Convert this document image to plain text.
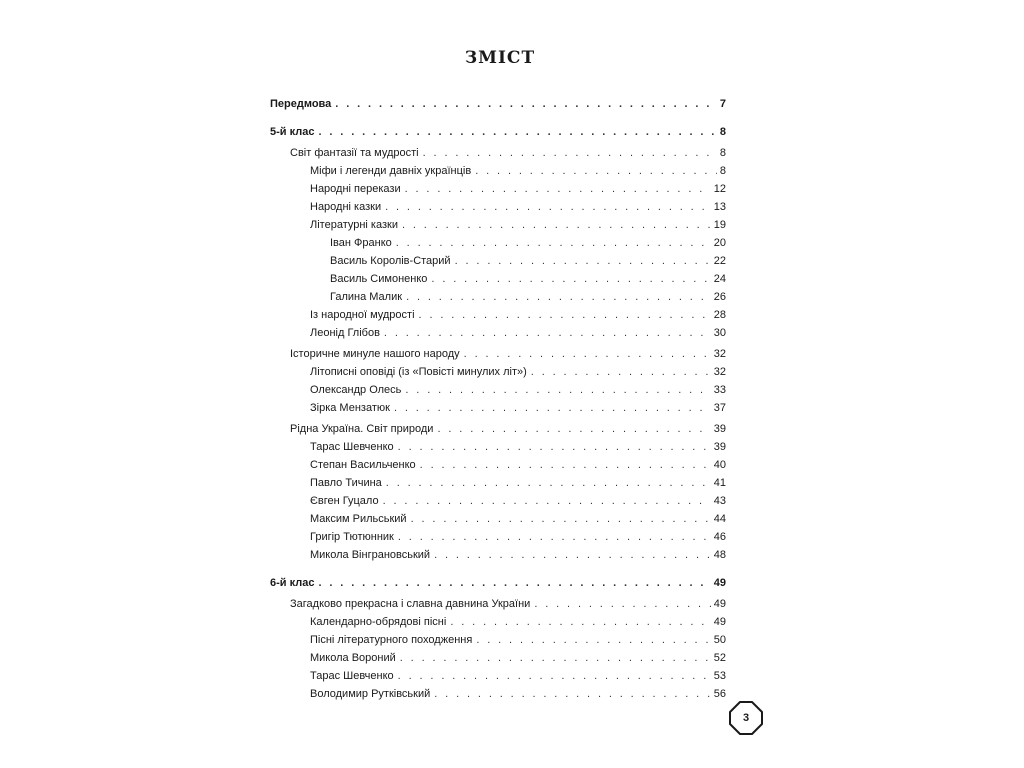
ЗМІСТ
Передмова . . .	7
5-й клас . . .	8
Світ фантазії та мудрості . . .	8
Міфи і легенди давніх українців . . .	8
Народні перекази . . .	12
Народні казки . . .	13
Літературні казки . . .	19
Іван Франко . . .	20
Василь Королів-Старий . . .	22
Василь Симоненко . . .	24
Галина Малик . . .	26
Із народної мудрості . . .	28
Леонід Глібов . . .	30
Історичне минуле нашого народу . . .	32
Літописні оповіді (із «Повісті минулих літ») . . .	32
Олександр Олесь . . .	33
Зірка Мензатюк . . .	37
Рідна Україна. Світ природи . . .	39
Тарас Шевченко . . .	39
Степан Васильченко . . .	40
Павло Тичина . . .	41
Євген Гуцало . . .	43
Максим Рильський . . .	44
Григір Тютюнник . . .	46
Микола Вінграновський . . .	48
6-й клас . . .	49
Загадково прекрасна і славна давнина України . . .	49
Календарно-обрядові пісні . . .	49
Пісні літературного походження . . .	50
Микола Вороний . . .	52
Тарас Шевченко . . .	53
Володимир Рутківський . . .	56
3
